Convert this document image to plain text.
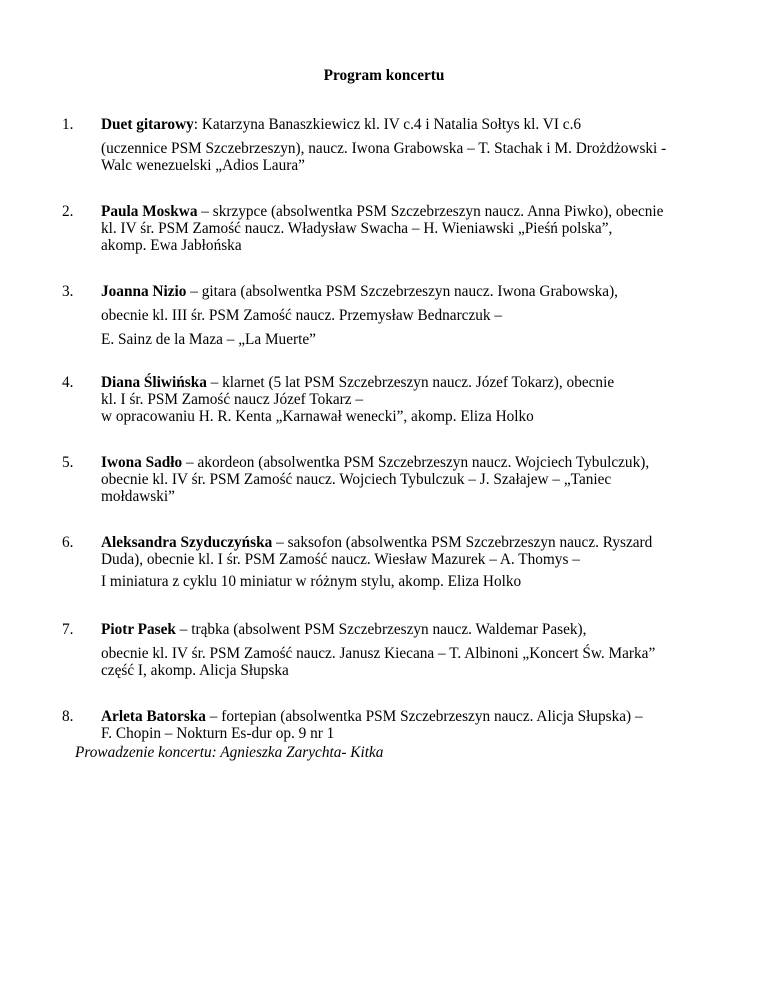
Program koncertu
1. Duet gitarowy: Katarzyna Banaszkiewicz kl. IV c.4 i Natalia Sołtys kl. VI c.6
(uczennice PSM Szczebrzeszyn), naucz. Iwona Grabowska – T. Stachak i M. Drożdżowski -
Walc wenezuelski „Adios Laura”
2. Paula Moskwa – skrzypce (absolwentka PSM Szczebrzeszyn naucz. Anna Piwko), obecnie
kl. IV śr. PSM Zamość naucz. Władysław Swacha – H. Wieniawski „Pieśń polska”,
akomp. Ewa Jabłońska
3. Joanna Nizio – gitara (absolwentka PSM Szczebrzeszyn naucz. Iwona Grabowska),
obecnie kl. III śr. PSM Zamość naucz. Przemysław Bednarczuk –
E. Sainz de la Maza – „La Muerte”
4. Diana Śliwińska – klarnet (5 lat PSM Szczebrzeszyn naucz. Józef Tokarz), obecnie
kl. I śr. PSM Zamość naucz Józef Tokarz –
w opracowaniu H. R. Kenta „Karnawał wenecki”, akomp. Eliza Holko
5. Iwona Sadło – akordeon (absolwentka PSM Szczebrzeszyn naucz. Wojciech Tybulczuk),
obecnie kl. IV śr. PSM Zamość naucz. Wojciech Tybulczuk – J. Szałajew – „Taniec
mołdawski”
6. Aleksandra Szyduczyńska – saksofon (absolwentka PSM Szczebrzeszyn naucz. Ryszard
Duda), obecnie kl. I śr. PSM Zamość naucz. Wiesław Mazurek – A. Thomys –
I miniatura z cyklu 10 miniatur w różnym stylu, akomp. Eliza Holko
7. Piotr Pasek – trąbka (absolwent PSM Szczebrzeszyn naucz. Waldemar Pasek),
obecnie kl. IV śr. PSM Zamość naucz. Janusz Kiecana – T. Albinoni „Koncert Św. Marka”
część I, akomp. Alicja Słupska
8. Arleta Batorska – fortepian (absolwentka PSM Szczebrzeszyn naucz. Alicja Słupska) –
F. Chopin – Nokturn Es-dur op. 9 nr 1
Prowadzenie koncertu: Agnieszka Zarychta- Kitka
